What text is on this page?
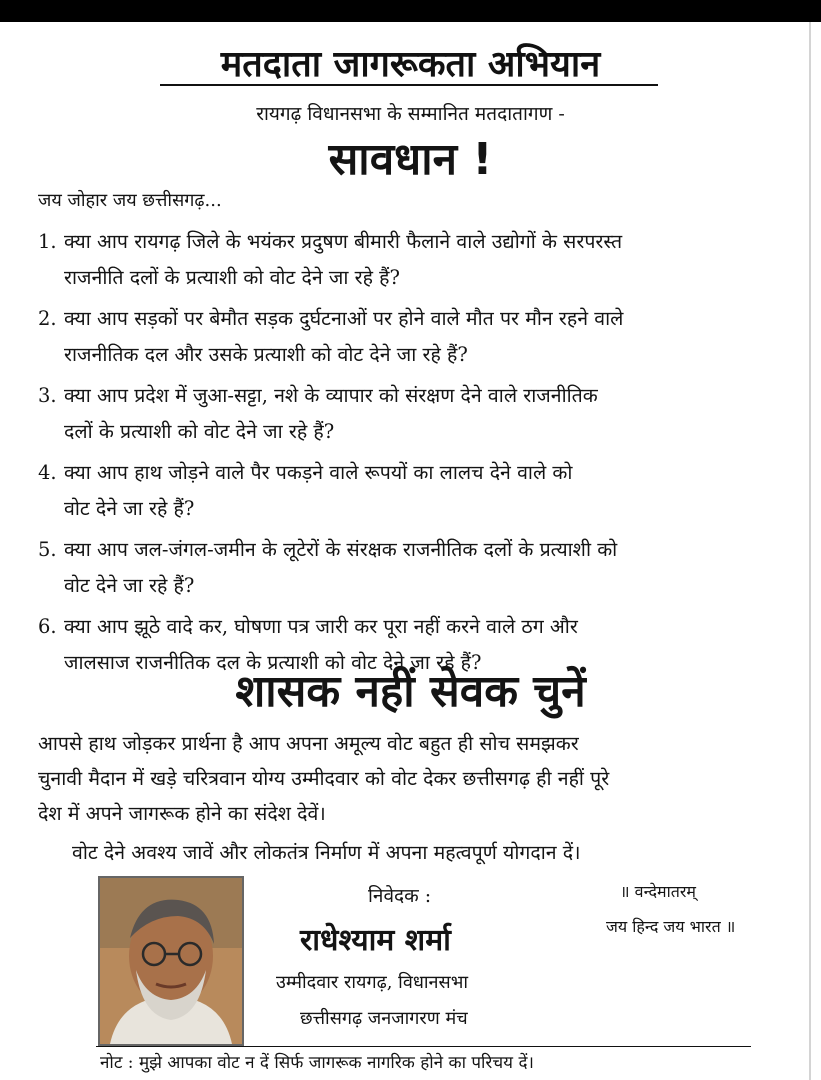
मतदाता जागरूकता अभियान
रायगढ़ विधानसभा के सम्मानित मतदातागण -
सावधान !
जय जोहार जय छत्तीसगढ़...
1. क्या आप रायगढ़ जिले के भयंकर प्रदुषण बीमारी फैलाने वाले उद्योगों के सरपरस्त
राजनीति दलों के प्रत्याशी को वोट देने जा रहे हैं?
2. क्या आप सड़कों पर बेमौत सड़क दुर्घटनाओं पर होने वाले मौत पर मौन रहने वाले
राजनीतिक दल और उसके प्रत्याशी को वोट देने जा रहे हैं?
3. क्या आप प्रदेश में जुआ-सट्टा, नशे के व्यापार को संरक्षण देने वाले राजनीतिक
दलों के प्रत्याशी को वोट देने जा रहे हैं?
4. क्या आप हाथ जोड़ने वाले पैर पकड़ने वाले रूपयों का लालच देने वाले को
वोट देने जा रहे हैं?
5. क्या आप जल-जंगल-जमीन के लूटेरों के संरक्षक राजनीतिक दलों के प्रत्याशी को
वोट देने जा रहे हैं?
6. क्या आप झूठे वादे कर, घोषणा पत्र जारी कर पूरा नहीं करने वाले ठग और
जालसाज राजनीतिक दल के प्रत्याशी को वोट देने जा रहे हैं?
शासक नहीं सेवक चुनें
आपसे हाथ जोड़कर प्रार्थना है आप अपना अमूल्य वोट बहुत ही सोच समझकर
चुनावी मैदान में खड़े चरित्रवान योग्य उम्मीदवार को वोट देकर छत्तीसगढ़ ही नहीं पूरे
देश में अपने जागरूक होने का संदेश देवें।
वोट देने अवश्य जावें और लोकतंत्र निर्माण में अपना महत्वपूर्ण योगदान दें।
निवेदक :
राधेश्याम शर्मा
उम्मीदवार रायगढ़, विधानसभा
छत्तीसगढ़ जनजागरण मंच
॥ वन्देमातरम्
जय हिन्द जय भारत ॥
नोट : मुझे आपका वोट न दें सिर्फ जागरूक नागरिक होने का परिचय दें।
